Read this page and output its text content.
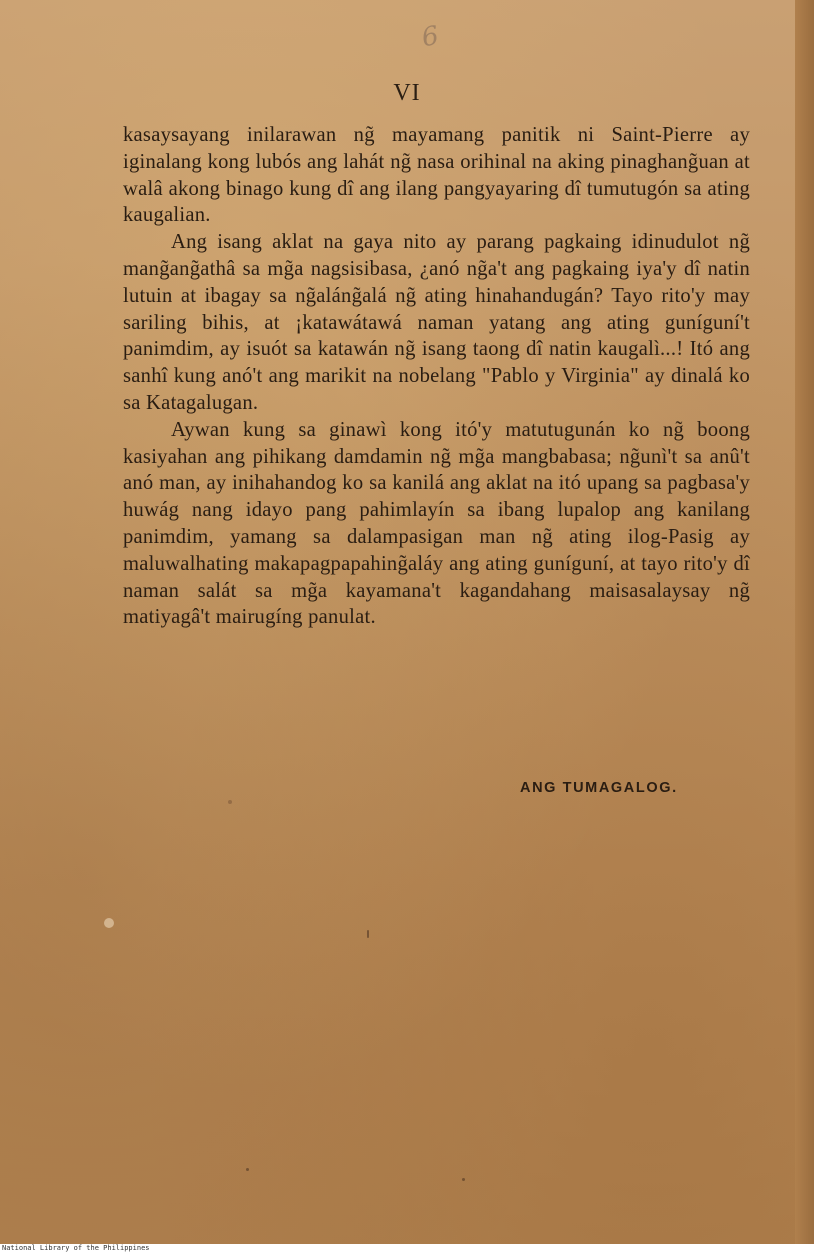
6
VI

kasaysayang inilarawan ng̃ mayamang panitik ni Saint-Pierre ay iginalang kong lubós ang lahát ng̃ nasa orihinal na aking pinaghang̃uan at walâ akong binago kung dî ang ilang pangyayaring dî tumutugón sa ating kaugalian.

Ang isang aklat na gaya nito ay parang pagkaing idinudulot ng̃ mang̃ang̃athâ sa mg̃a nagsisibasa, ¿anó ng̃a't ang pagkaing iya'y dî natin lutuin at ibagay sa ng̃aláng̃alá ng̃ ating hinahandugán? Tayo rito'y may sariling bihis, at ¡katawátawá naman yatang ang ating guníguní't panimdim, ay isuót sa katawán ng̃ isang taong dî natin kaugalì...! Itó ang sanhî kung anó't ang marikit na nobelang "Pablo y Virginia" ay dinalá ko sa Katagalugan.

Aywan kung sa ginawì kong itó'y matutugunán ko ng̃ boong kasiyahan ang pihikang damdamin ng̃ mg̃a mangbabasa; ng̃unì't sa anû't anó man, ay inihahandog ko sa kanilá ang aklat na itó upang sa pagbasa'y huwág nang idayo pang pahimlayín sa ibang lupalop ang kanilang panimdim, yamang sa dalampasigan man ng̃ ating ilog-Pasig ay maluwalhating makapagpapahing̃aláy ang ating guníguní, at tayo rito'y dî naman salát sa mg̃a kayamana't kagandahang maisasalaysay ng̃ matiyagâ't mairugíng panulat.

ANG TUMAGALOG.
National Library of the Philippines
